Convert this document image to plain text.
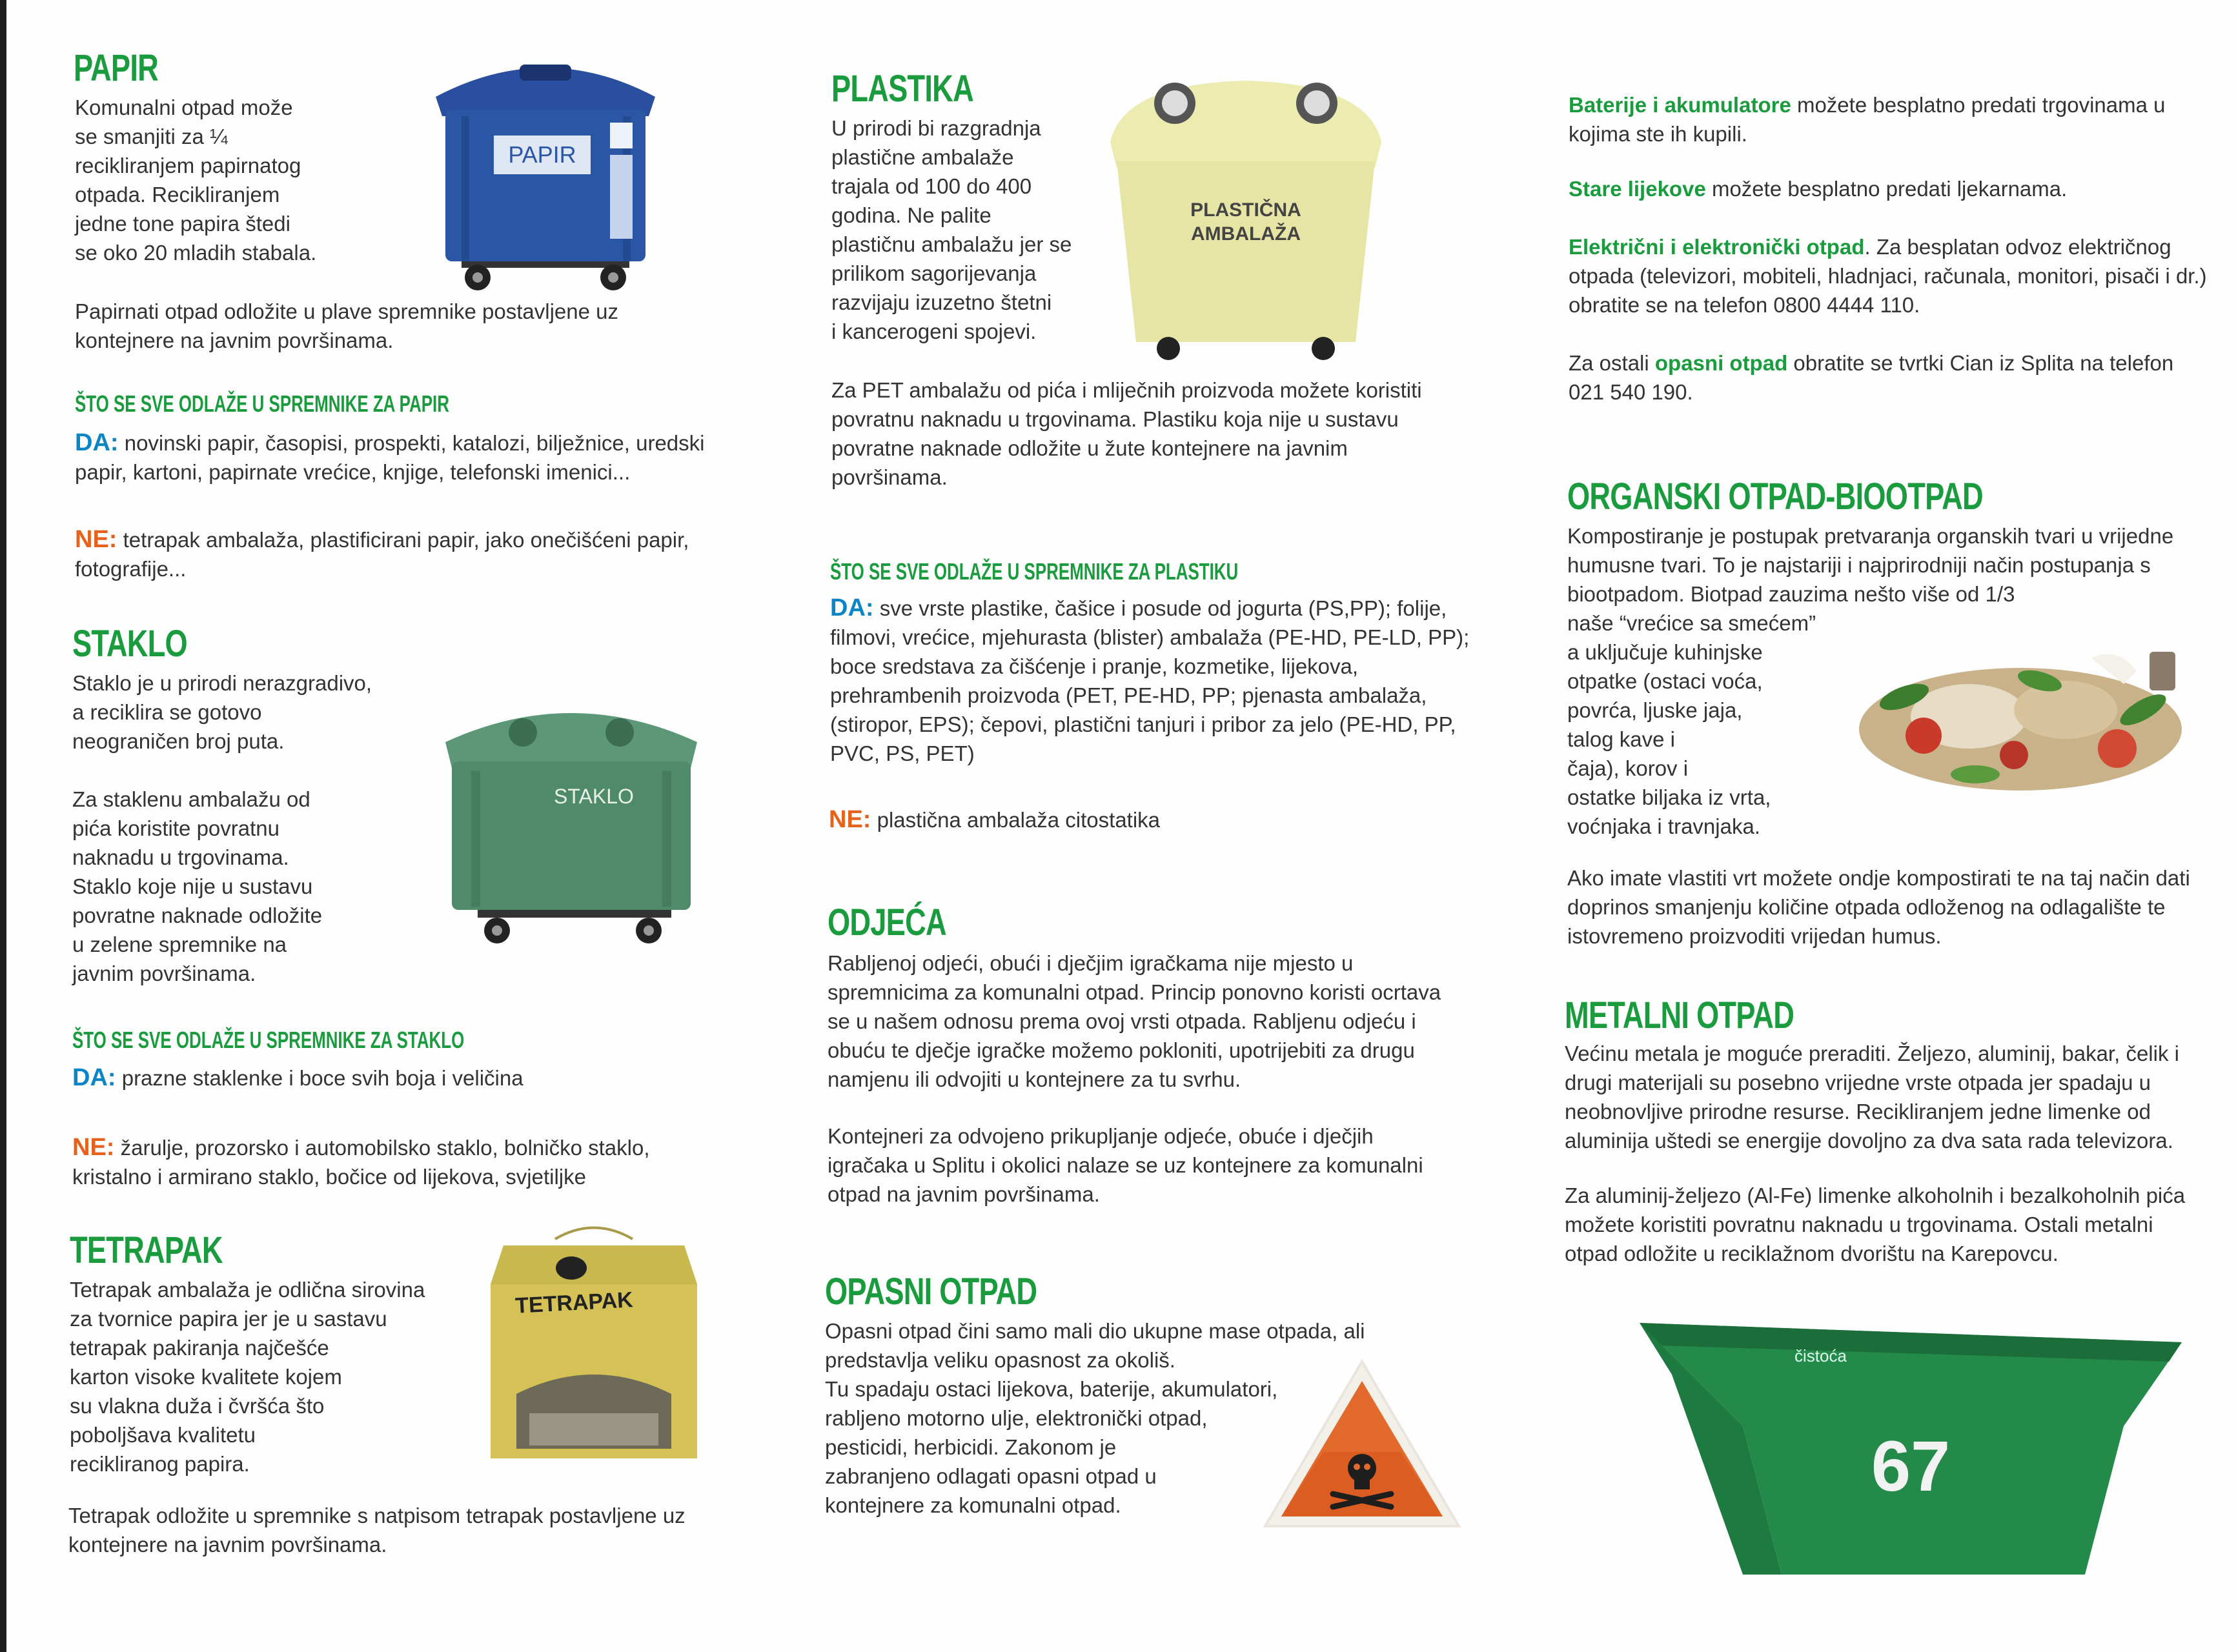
PAPIR
Komunalni otpad može
se smanjiti za ¼
recikliranjem papirnatog
otpada. Recikliranjem
jedne tone papira štedi
se oko 20 mladih stabala.
PAPIR
Papirnati otpad odložite u plave spremnike postavljene uz
kontejnere na javnim površinama.
ŠTO SE SVE ODLAŽE U SPREMNIKE ZA PAPIR
DA: novinski papir, časopisi, prospekti, katalozi, bilježnice, uredski
papir, kartoni, papirnate vrećice, knjige, telefonski imenici...
NE: tetrapak ambalaža, plastificirani papir, jako onečišćeni papir,
fotografije...
STAKLO
Staklo je u prirodi nerazgradivo,
a reciklira se gotovo
neograničen broj puta.
Za staklenu ambalažu od
pića koristite povratnu
naknadu u trgovinama.
Staklo koje nije u sustavu
povratne naknade odložite
u zelene spremnike na
javnim površinama.
STAKLO
ŠTO SE SVE ODLAŽE U SPREMNIKE ZA STAKLO
DA: prazne staklenke i boce svih boja i veličina
NE: žarulje, prozorsko i automobilsko staklo, bolničko staklo,
kristalno i armirano staklo, bočice od lijekova, svjetiljke
TETRAPAK
Tetrapak ambalaža je odlična sirovina
za tvornice papira jer je u sastavu
tetrapak pakiranja najčešće
karton visoke kvalitete kojem
su vlakna duža i čvršća što
poboljšava kvalitetu
recikliranog papira.
TETRAPAK
Tetrapak odložite u spremnike s natpisom tetrapak postavljene uz
kontejnere na javnim površinama.
PLASTIKA
U prirodi bi razgradnja
plastične ambalaže
trajala od 100 do 400
godina. Ne palite
plastičnu ambalažu jer se
prilikom sagorijevanja
razvijaju izuzetno štetni
i kancerogeni spojevi.
PLASTIČNA
AMBALAŽA
Za PET ambalažu od pića i mliječnih proizvoda možete koristiti
povratnu naknadu u trgovinama. Plastiku koja nije u sustavu
povratne naknade odložite u žute kontejnere na javnim
površinama.
ŠTO SE SVE ODLAŽE U SPREMNIKE ZA PLASTIKU
DA: sve vrste plastike, čašice i posude od jogurta (PS,PP); folije,
filmovi, vrećice, mjehurasta (blister) ambalaža (PE-HD, PE-LD, PP);
boce sredstava za čišćenje i pranje, kozmetike, lijekova,
prehrambenih proizvoda (PET, PE-HD, PP; pjenasta ambalaža,
(stiropor, EPS); čepovi, plastični tanjuri i pribor za jelo (PE-HD, PP,
PVC, PS, PET)
NE: plastična ambalaža citostatika
ODJEĆA
Rabljenoj odjeći, obući i dječjim igračkama nije mjesto u
spremnicima za komunalni otpad. Princip ponovno koristi ocrtava
se u našem odnosu prema ovoj vrsti otpada. Rabljenu odjeću i
obuću te dječje igračke možemo pokloniti, upotrijebiti za drugu
namjenu ili odvojiti u kontejnere za tu svrhu.
Kontejneri za odvojeno prikupljanje odjeće, obuće i dječjih
igračaka u Splitu i okolici nalaze se uz kontejnere za komunalni
otpad na javnim površinama.
OPASNI OTPAD
Opasni otpad čini samo mali dio ukupne mase otpada, ali
predstavlja veliku opasnost za okoliš.
Tu spadaju ostaci lijekova, baterije, akumulatori,
rabljeno motorno ulje, elektronički otpad,
pesticidi, herbicidi. Zakonom je
zabranjeno odlagati opasni otpad u
kontejnere za komunalni otpad.
Baterije i akumulatore možete besplatno predati trgovinama u
kojima ste ih kupili.
Stare lijekove možete besplatno predati ljekarnama.
Električni i elektronički otpad. Za besplatan odvoz električnog
otpada (televizori, mobiteli, hladnjaci, računala, monitori, pisači i dr.)
obratite se na telefon 0800 4444 110.
Za ostali opasni otpad obratite se tvrtki Cian iz Splita na telefon
021 540 190.
ORGANSKI OTPAD-BIOOTPAD
Kompostiranje je postupak pretvaranja organskih tvari u vrijedne
humusne tvari. To je najstariji i najprirodniji način postupanja s
biootpadom. Biotpad zauzima nešto više od 1/3
naše “vrećice sa smećem”
a uključuje kuhinjske
otpatke (ostaci voća,
povrća, ljuske jaja,
talog kave i
čaja), korov i
ostatke biljaka iz vrta,
voćnjaka i travnjaka.
Ako imate vlastiti vrt možete ondje kompostirati te na taj način dati
doprinos smanjenju količine otpada odloženog na odlagalište te
istovremeno proizvoditi vrijedan humus.
METALNI OTPAD
Većinu metala je moguće preraditi. Željezo, aluminij, bakar, čelik i
drugi materijali su posebno vrijedne vrste otpada jer spadaju u
neobnovljive prirodne resurse. Recikliranjem jedne limenke od
aluminija uštedi se energije dovoljno za dva sata rada televizora.
Za aluminij-željezo (Al-Fe) limenke alkoholnih i bezalkoholnih pića
možete koristiti povratnu naknadu u trgovinama. Ostali metalni
otpad odložite u reciklažnom dvorištu na Karepovcu.
čistoća
67
